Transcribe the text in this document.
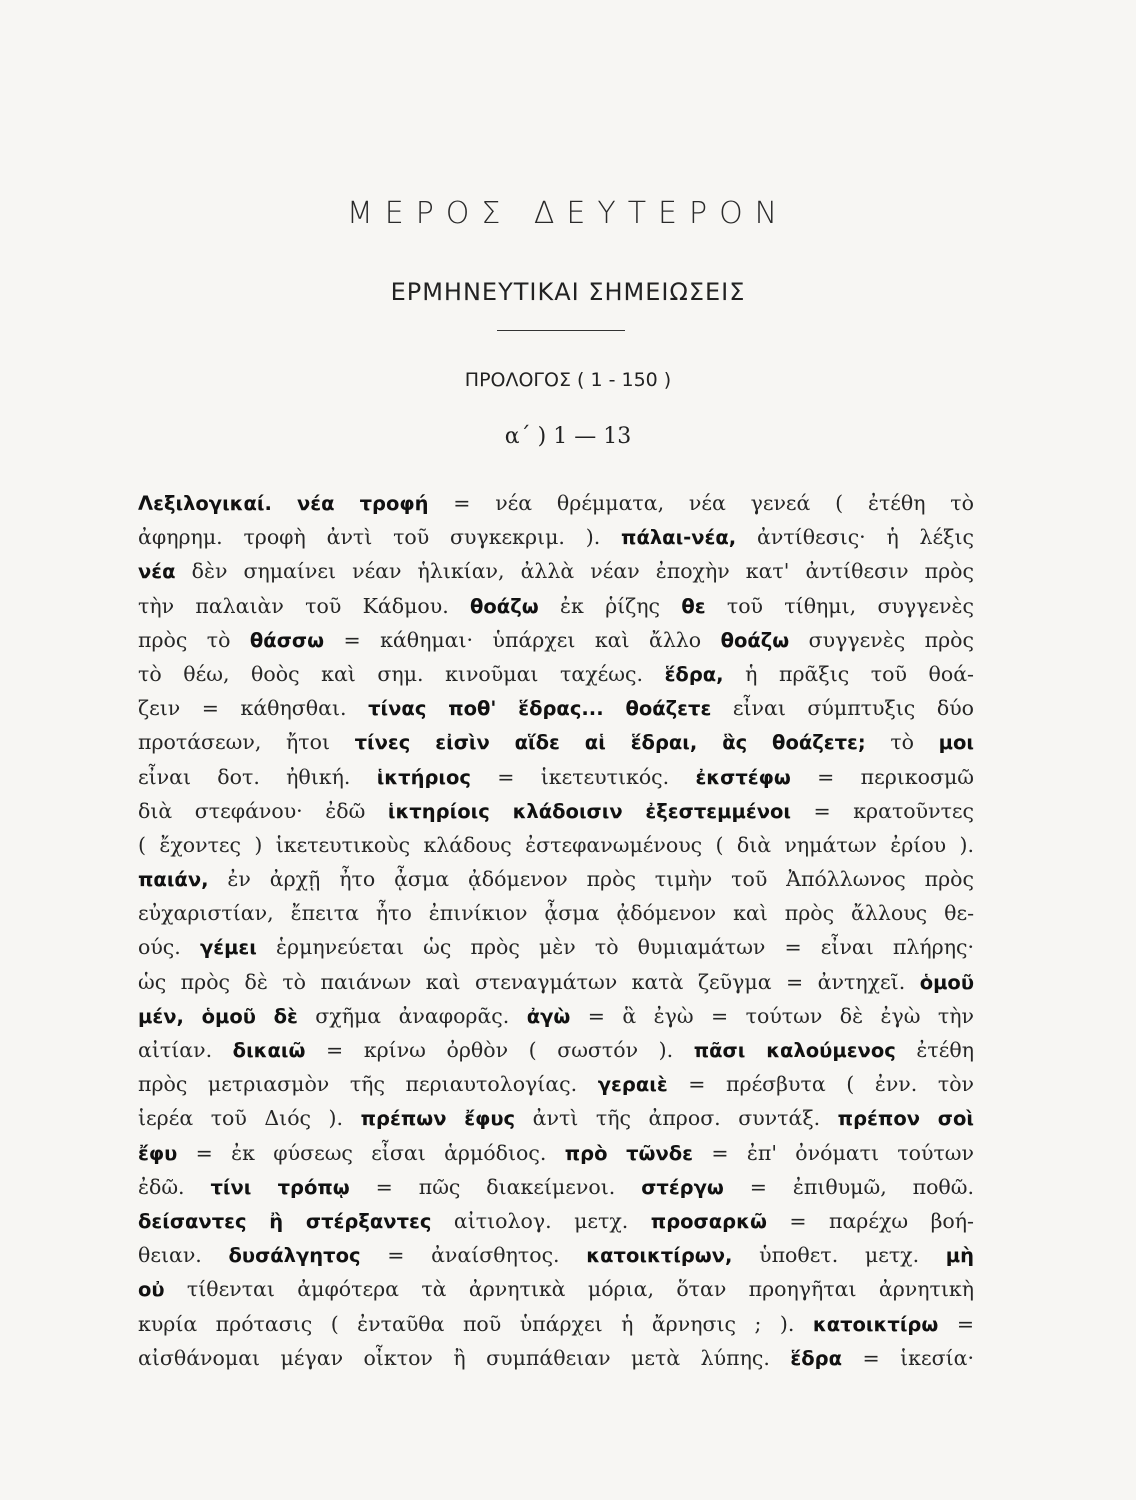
ΜΕΡΟΣ ΔΕΥΤΕΡΟΝ
ΕΡΜΗΝΕΥΤΙΚΑΙ ΣΗΜΕΙΩΣΕΙΣ
ΠΡΟΛΟΓΟΣ ( 1 - 150 )
α΄ ) 1 — 13
Λεξιλογικαί. νέα τροφή = νέα θρέμματα, νέα γενεά ( ἐτέθη τὸ
ἀφηρημ. τροφὴ ἀντὶ τοῦ συγκεκριμ. ). πάλαι-νέα, ἀντίθεσις· ἡ λέξις
νέα δὲν σημαίνει νέαν ἡλικίαν, ἀλλὰ νέαν ἐποχὴν κατ' ἀντίθεσιν πρὸς
τὴν παλαιὰν τοῦ Κάδμου. θοάζω ἐκ ῥίζης θε τοῦ τίθημι, συγγενὲς
πρὸς τὸ θάσσω = κάθημαι· ὑπάρχει καὶ ἄλλο θοάζω συγγενὲς πρὸς
τὸ θέω, θοὸς καὶ σημ. κινοῦμαι ταχέως. ἕδρα, ἡ πρᾶξις τοῦ θοά-
ζειν = κάθησθαι. τίνας ποθ' ἕδρας... θοάζετε εἶναι σύμπτυξις δύο
προτάσεων, ἤτοι τίνες εἰσὶν αἵδε αἱ ἕδραι, ἃς θοάζετε; τὸ μοι
εἶναι δοτ. ἠθική. ἱκτήριος = ἱκετευτικός. ἐκστέφω = περικοσμῶ
διὰ στεφάνου· ἐδῶ ἱκτηρίοις κλάδοισιν ἐξεστεμμένοι = κρατοῦντες
( ἔχοντες ) ἱκετευτικοὺς κλάδους ἐστεφανωμένους ( διὰ νημάτων ἐρίου ).
παιάν, ἐν ἀρχῇ ἦτο ᾆσμα ᾀδόμενον πρὸς τιμὴν τοῦ Ἀπόλλωνος πρὸς
εὐχαριστίαν, ἔπειτα ἦτο ἐπινίκιον ᾆσμα ᾀδόμενον καὶ πρὸς ἄλλους θε-
ούς. γέμει ἑρμηνεύεται ὡς πρὸς μὲν τὸ θυμιαμάτων = εἶναι πλήρης·
ὡς πρὸς δὲ τὸ παιάνων καὶ στεναγμάτων κατὰ ζεῦγμα = ἀντηχεῖ. ὁμοῦ
μέν, ὁμοῦ δὲ σχῆμα ἀναφορᾶς. ἀγὼ = ἃ ἐγὼ = τούτων δὲ ἐγὼ τὴν
αἰτίαν. δικαιῶ = κρίνω ὀρθὸν ( σωστόν ). πᾶσι καλούμενος ἐτέθη
πρὸς μετριασμὸν τῆς περιαυτολογίας. γεραιὲ = πρέσβυτα ( ἐνν. τὸν
ἱερέα τοῦ Διός ). πρέπων ἔφυς ἀντὶ τῆς ἀπροσ. συντάξ. πρέπον σοὶ
ἔφυ = ἐκ φύσεως εἶσαι ἁρμόδιος. πρὸ τῶνδε = ἐπ' ὀνόματι τούτων
ἐδῶ. τίνι τρόπῳ = πῶς διακείμενοι. στέργω = ἐπιθυμῶ, ποθῶ.
δείσαντες ἢ στέρξαντες αἰτιολογ. μετχ. προσαρκῶ = παρέχω βοή-
θειαν. δυσάλγητος = ἀναίσθητος. κατοικτίρων, ὑποθετ. μετχ. μὴ
οὐ τίθενται ἀμφότερα τὰ ἀρνητικὰ μόρια, ὅταν προηγῆται ἀρνητικὴ
κυρία πρότασις ( ἐνταῦθα ποῦ ὑπάρχει ἡ ἄρνησις ; ). κατοικτίρω =
αἰσθάνομαι μέγαν οἶκτον ἢ συμπάθειαν μετὰ λύπης. ἕδρα = ἱκεσία·
